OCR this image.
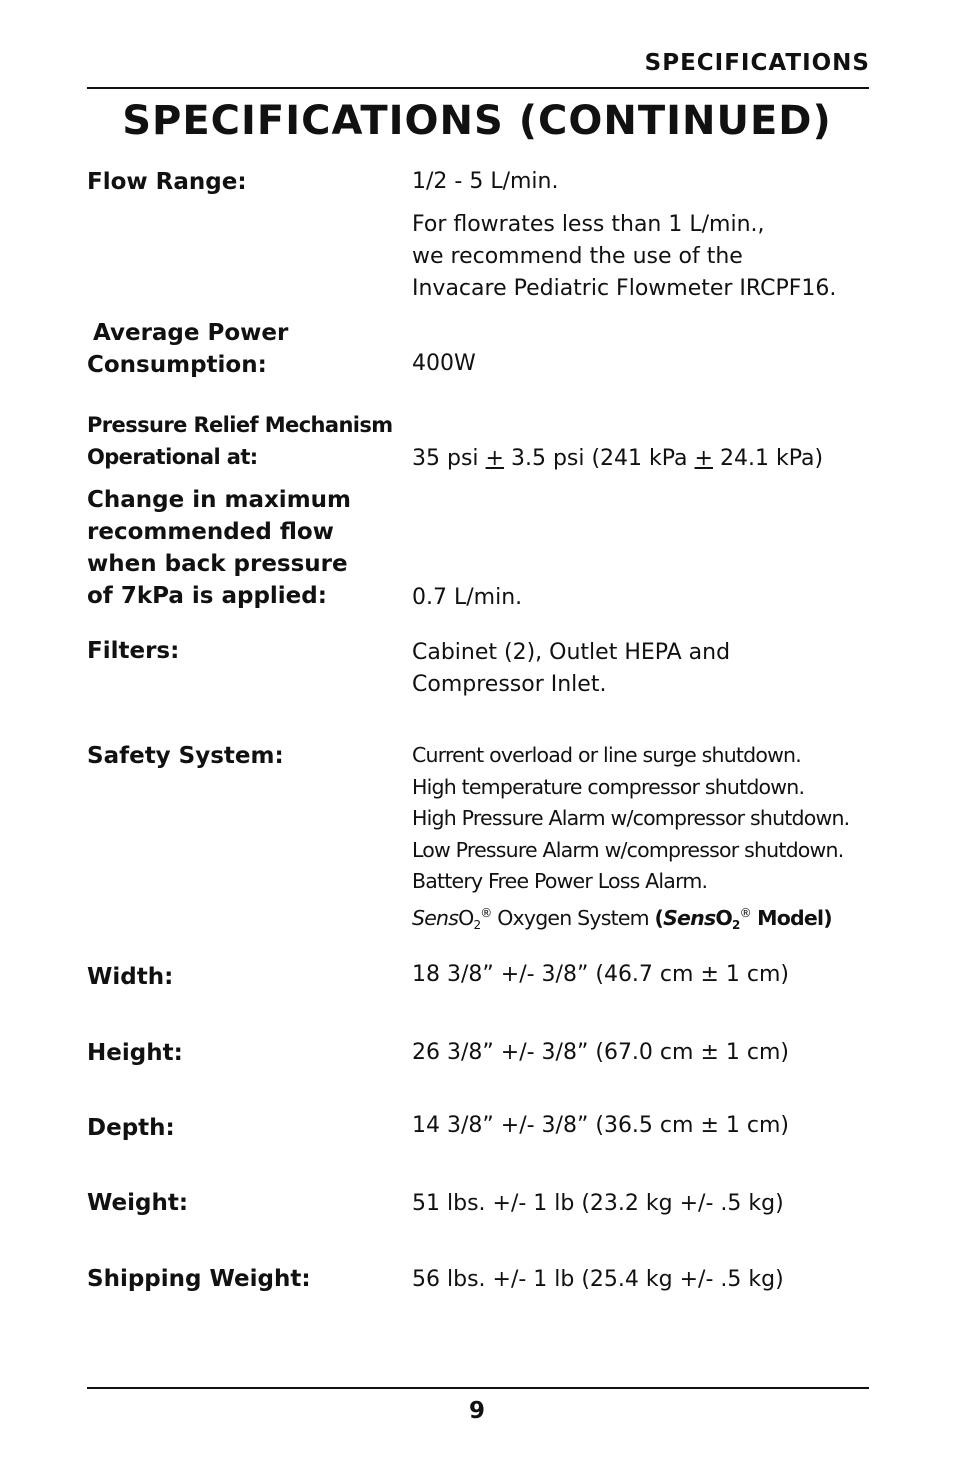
SPECIFICATIONS
SPECIFICATIONS (CONTINUED)
Flow Range:	1/2 - 5 L/min.
For flowrates less than 1 L/min.,
we recommend the use of the
Invacare Pediatric Flowmeter IRCPF16.
Average Power
Consumption:	400W
Pressure Relief Mechanism
Operational at:	35 psi + 3.5 psi (241 kPa + 24.1 kPa)
Change in maximum
recommended flow
when back pressure
of 7kPa is applied:	0.7 L/min.
Filters:	Cabinet (2), Outlet HEPA and
Compressor Inlet.
Safety System:	Current overload or line surge shutdown.
High temperature compressor shutdown.
High Pressure Alarm w/compressor shutdown.
Low Pressure Alarm w/compressor shutdown.
Battery Free Power Loss Alarm.
SensO$_2$® Oxygen System (SensO$_2$® Model)
Width:	18 3/8” +/- 3/8” (46.7 cm ± 1 cm)
Height:	26 3/8” +/- 3/8” (67.0 cm ± 1 cm)
Depth:	14 3/8” +/- 3/8” (36.5 cm ± 1 cm)
Weight:	51 lbs. +/- 1 lb (23.2 kg +/- .5 kg)
Shipping Weight:	56 lbs. +/- 1 lb (25.4 kg +/- .5 kg)
9
